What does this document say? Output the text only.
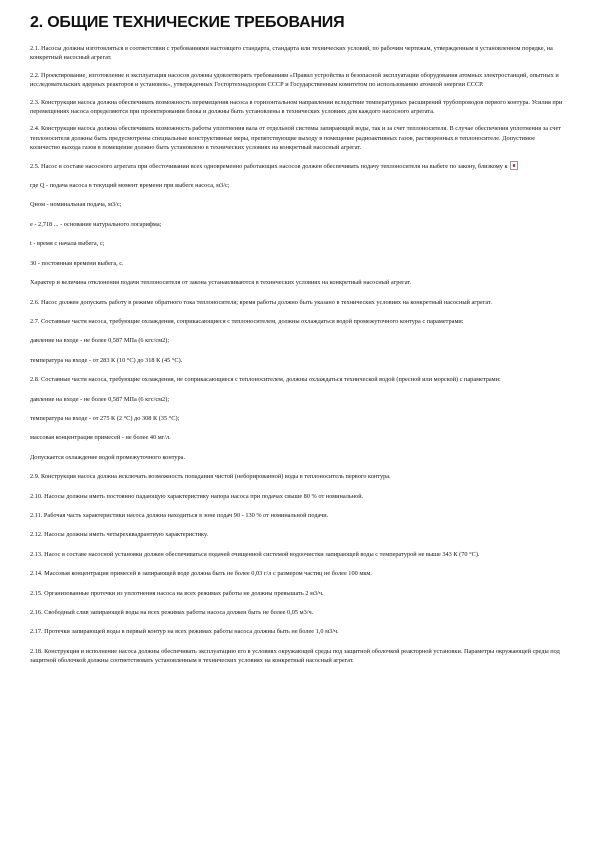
2. ОБЩИЕ ТЕХНИЧЕСКИЕ ТРЕБОВАНИЯ

2.1. Насосы должны изготовляться в соответствии с требованиями настоящего стандарта, стандарта или технических условий, по рабочим чертежам, утвержденным в установленном порядке, на конкретный насосный агрегат.

2.2. Проектирование, изготовление и эксплуатация насосов должны удовлетворять требованиям «Правил устройства и безопасной эксплуатации оборудования атомных электростанций, опытных и исследовательских ядерных реакторов и установок», утвержденных Госгортехнадзором СССР и Государственным комитетом по использованию атомной энергии СССР.

2.3. Конструкция насоса должна обеспечивать возможность перемещения насоса в горизонтальном направлении вследствие температурных расширений трубопроводов первого контура. Усилия при перемещениях насоса определяются при проектировании блока и должны быть установлены в технических условиях для каждого насосного агрегата.

2.4. Конструкция насоса должна обеспечивать возможность работы уплотнения вала от отдельной системы запирающей воды, так и за счет теплоносителя. В случае обеспечения уплотнения за счет теплоносителя должны быть предусмотрены специальные конструктивные меры, препятствующие выходу в помещение радиоактивных газов, растворенных в теплоносителе. Допустимое количество выхода газов в помещение должно быть установлено в технических условиях на конкретный насосный агрегат.

2.5. Насос в составе насосного агрегата при обесточивании всех одновременно работающих насосов должен обеспечивать подачу теплоносителя на выбеге по закону, близкому к

где Q - подача насоса в текущий момент времени при выбеге насоса, м3/с;

Qном - номинальная подача, м3/с;

e - 2,718 ... - основание натурального логарифма;

t - время с начала выбега, с;

30 - постоянная времени выбега, с.

Характер и величина отклонения подачи теплоносителя от закона устанавливаются в технических условиях на конкретный насосный агрегат.

2.6. Насос должен допускать работу в режиме обратного тока теплоносителя; время работы должно быть указано в технических условиях на конкретный насосный агрегат.

2.7. Составные части насоса, требующие охлаждения, соприкасающиеся с теплоносителем, должны охлаждаться водой промежуточного контура с параметрами:

давление на входе - не более 0,587 МПа (6 кгс/см2);

температура на входе - от 283 К (10 °С) до 318 К (45 °С).

2.8. Составные части насоса, требующие охлаждения, не соприкасающиеся с теплоносителем, должны охлаждаться технической водой (пресной или морской) с параметрами:

давление на входе - не более 0,587 МПа (6 кгс/см2);

температура на входе - от 275 К (2 °С) до 308 К (35 °С);

массовая концентрация примесей - не более 40 мг/л.

Допускается охлаждение водой промежуточного контура.

2.9. Конструкция насоса должна исключать возможность попадания чистой (неборированной) воды в теплоноситель первого контура.

2.10. Насосы должны иметь постоянно падающую характеристику напора насоса при подачах свыше 80 % от номинальной.

2.11. Рабочая часть характеристики насоса должна находиться в зоне подач 90 - 130 % от номинальной подачи.

2.12. Насосы должны иметь четырехквадрантную характеристику.

2.13. Насос в составе насосной установки должен обеспечиваться подачей очищенной системой водоочистки запирающей воды с температурой не выше 343 К (70 °С).

2.14. Массовая концентрация примесей в запирающей воде должна быть не более 0,03 г/л с размером частиц не более 100 мкм.

2.15. Организованные протечки из уплотнения насоса на всех режимах работы не должны превышать 2 м3/ч.

2.16. Свободный слив запирающей воды на всех режимах работы насоса должен быть не более 0,05 м3/ч.

2.17. Протечки запирающей воды в первый контур на всех режимах работы насоса должны быть не более 1,0 м3/ч.

2.18. Конструкция и исполнение насоса должны обеспечивать эксплуатацию его в условиях окружающей среды под защитной оболочкой реакторной установки. Параметры окружающей среды под защитной оболочкой должны соответствовать установленным в технических условиях на конкретный насосный агрегат.
